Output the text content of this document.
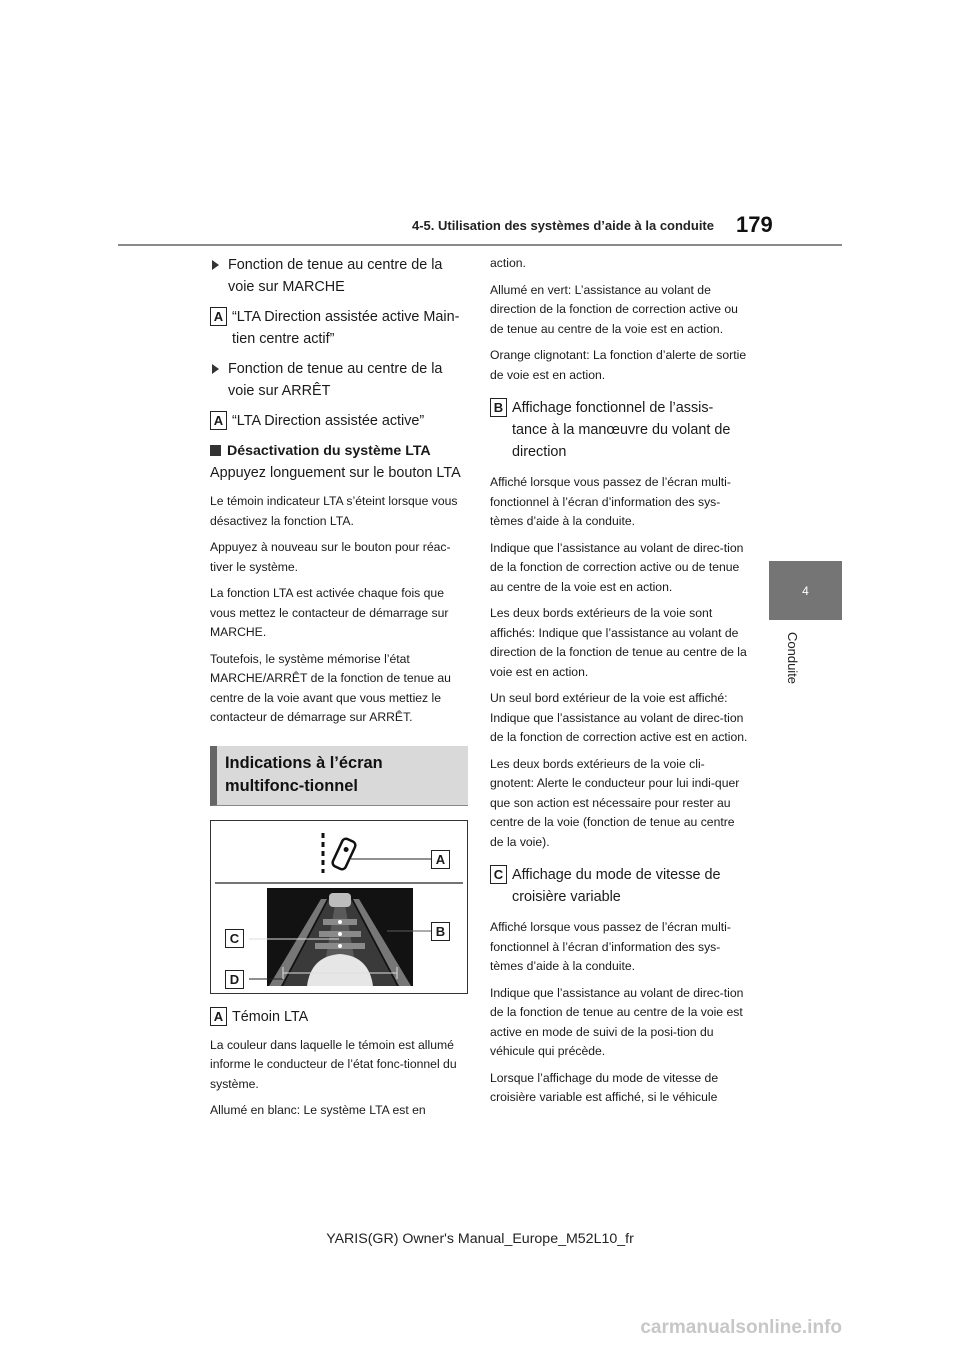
4-5. Utilisation des systèmes d’aide à la conduite 179
4
Conduite

Fonction de tenue au centre de la voie sur MARCHE

A “LTA Direction assistée active Main-tien centre actif”

Fonction de tenue au centre de la voie sur ARRÊT

A “LTA Direction assistée active”

Désactivation du système LTA

Appuyez longuement sur le bouton LTA

Le témoin indicateur LTA s’éteint lorsque vous désactivez la fonction LTA.

Appuyez à nouveau sur le bouton pour réac-tiver le système.

La fonction LTA est activée chaque fois que vous mettez le contacteur de démarrage sur MARCHE.

Toutefois, le système mémorise l’état MARCHE/ARRÊT de la fonction de tenue au centre de la voie avant que vous mettiez le contacteur de démarrage sur ARRÊT.

Indications à l’écran multifonc-tionnel

A
B
C
D

A Témoin LTA

La couleur dans laquelle le témoin est allumé informe le conducteur de l’état fonc-tionnel du système.

Allumé en blanc: Le système LTA est en

action.

Allumé en vert: L’assistance au volant de direction de la fonction de correction active ou de tenue au centre de la voie est en action.

Orange clignotant: La fonction d’alerte de sortie de voie est en action.

B Affichage fonctionnel de l’assis-tance à la manœuvre du volant de direction

Affiché lorsque vous passez de l’écran multi-fonctionnel à l’écran d’information des sys-tèmes d’aide à la conduite.

Indique que l’assistance au volant de direc-tion de la fonction de correction active ou de tenue au centre de la voie est en action.

Les deux bords extérieurs de la voie sont affichés: Indique que l’assistance au volant de direction de la fonction de tenue au centre de la voie est en action.

Un seul bord extérieur de la voie est affiché: Indique que l’assistance au volant de direc-tion de la fonction de correction active est en action.

Les deux bords extérieurs de la voie cli-gnotent: Alerte le conducteur pour lui indi-quer que son action est nécessaire pour rester au centre de la voie (fonction de tenue au centre de la voie).

C Affichage du mode de vitesse de croisière variable

Affiché lorsque vous passez de l’écran multi-fonctionnel à l’écran d’information des sys-tèmes d’aide à la conduite.

Indique que l’assistance au volant de direc-tion de la fonction de tenue au centre de la voie est active en mode de suivi de la posi-tion du véhicule qui précède.

Lorsque l’affichage du mode de vitesse de croisière variable est affiché, si le véhicule

YARIS(GR) Owner's Manual_Europe_M52L10_fr
carmanualsonline.info
